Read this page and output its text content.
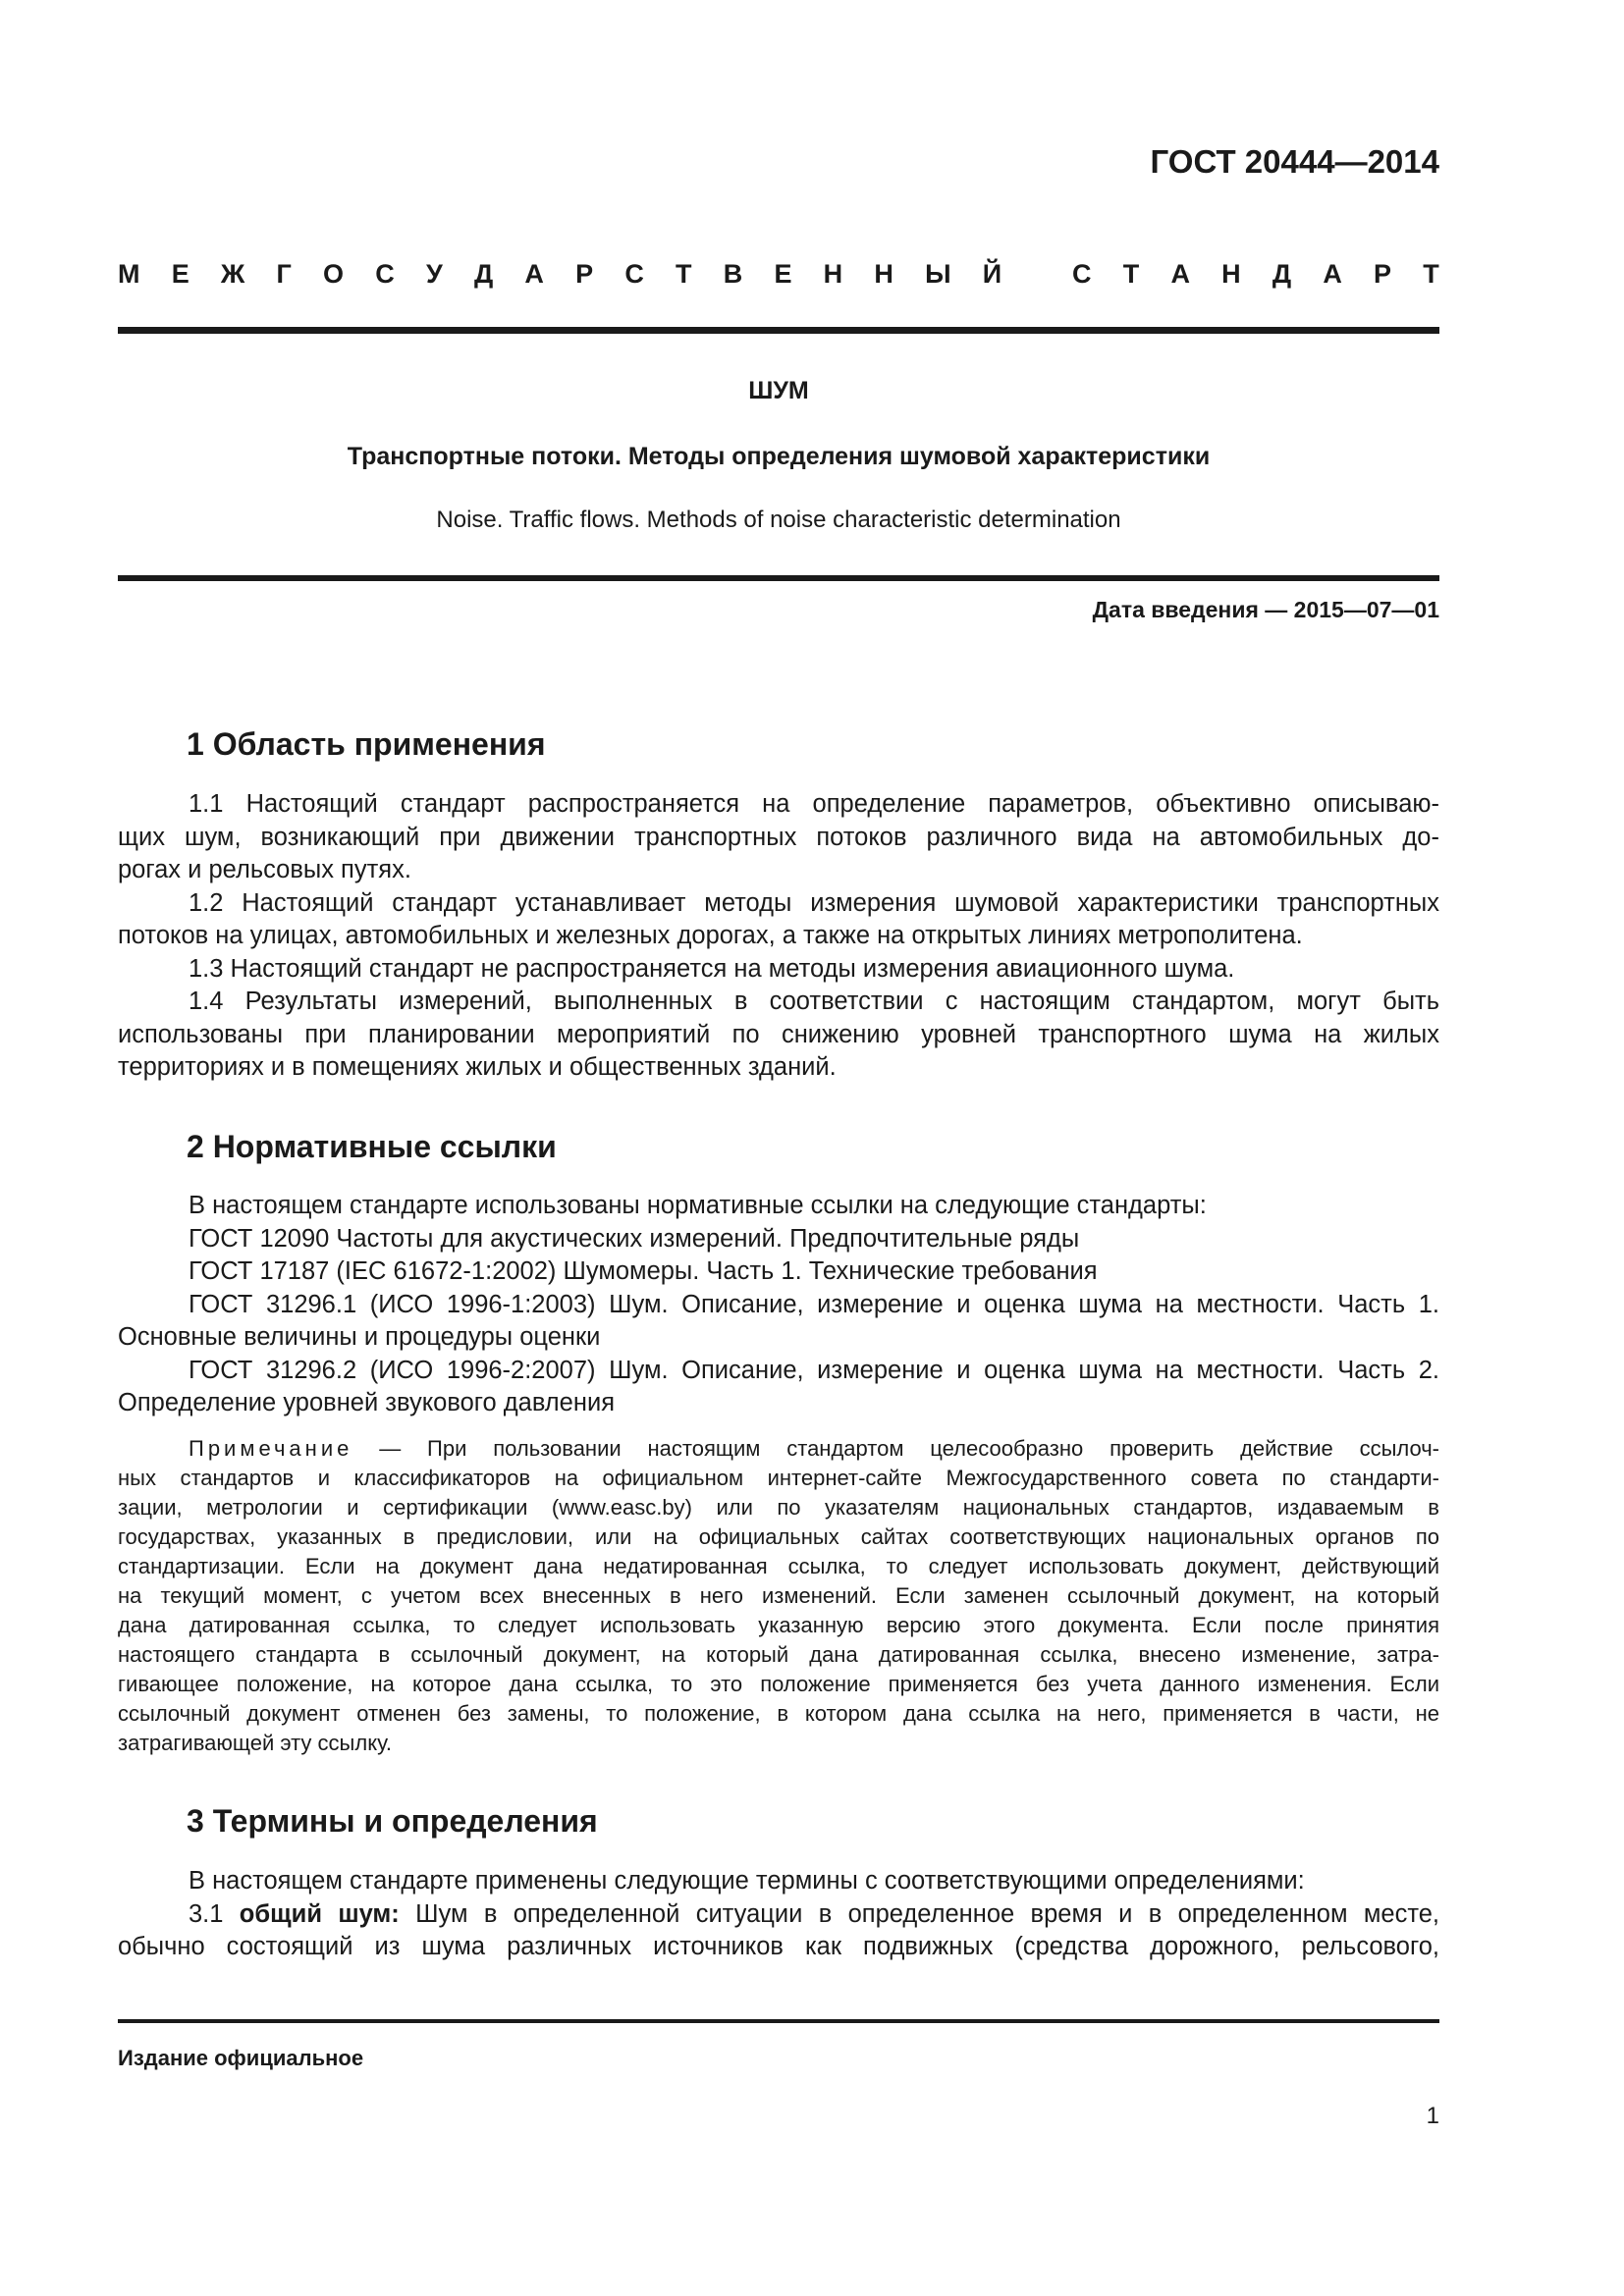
ГОСТ 20444—2014
М Е Ж Г О С У Д А Р С Т В Е Н Н Ы Й
	С Т А Н Д А Р Т
ШУМ
Транспортные потоки. Методы определения шумовой характеристики
Noise. Traffic flows. Methods of noise characteristic determination
Дата введения — 2015—07—01
1 Область применения
1.1 Настоящий стандарт распространяется на определение параметров, объективно описываю-
щих шум, возникающий при движении транспортных потоков различного вида на автомобильных до-
рогах и рельсовых путях.
1.2 Настоящий стандарт устанавливает методы измерения шумовой характеристики транспортных
потоков на улицах, автомобильных и железных дорогах, а также на открытых линиях метрополитена.
1.3 Настоящий стандарт не распространяется на методы измерения авиационного шума.
1.4 Результаты измерений, выполненных в соответствии с настоящим стандартом, могут быть
использованы при планировании мероприятий по снижению уровней транспортного шума на жилых
территориях и в помещениях жилых и общественных зданий.
2 Нормативные ссылки
В настоящем стандарте использованы нормативные ссылки на следующие стандарты:
ГОСТ 12090 Частоты для акустических измерений. Предпочтительные ряды
ГОСТ 17187 (IEC 61672-1:2002) Шумомеры. Часть 1. Технические требования
ГОСТ 31296.1 (ИСО 1996-1:2003) Шум. Описание, измерение и оценка шума на местности. Часть 1.
Основные величины и процедуры оценки
ГОСТ 31296.2 (ИСО 1996-2:2007) Шум. Описание, измерение и оценка шума на местности. Часть 2.
Определение уровней звукового давления
Примечание — При пользовании настоящим стандартом целесообразно проверить действие ссылоч-
ных стандартов и классификаторов на официальном интернет-сайте Межгосударственного совета по стандарти-
зации, метрологии и сертификации (www.easc.by) или по указателям национальных стандартов, издаваемым в
государствах, указанных в предисловии, или на официальных сайтах соответствующих национальных органов по
стандартизации. Если на документ дана недатированная ссылка, то следует использовать документ, действующий
на текущий момент, с учетом всех внесенных в него изменений. Если заменен ссылочный документ, на который
дана датированная ссылка, то следует использовать указанную версию этого документа. Если после принятия
настоящего стандарта в ссылочный документ, на который дана датированная ссылка, внесено изменение, затра-
гивающее положение, на которое дана ссылка, то это положение применяется без учета данного изменения. Если
ссылочный документ отменен без замены, то положение, в котором дана ссылка на него, применяется в части, не
затрагивающей эту ссылку.
3 Термины и определения
В настоящем стандарте применены следующие термины с соответствующими определениями:
3.1 общий шум: Шум в определенной ситуации в определенное время и в определенном месте,
обычно состоящий из шума различных источников как подвижных (средства дорожного, рельсового,
Издание официальное
1
